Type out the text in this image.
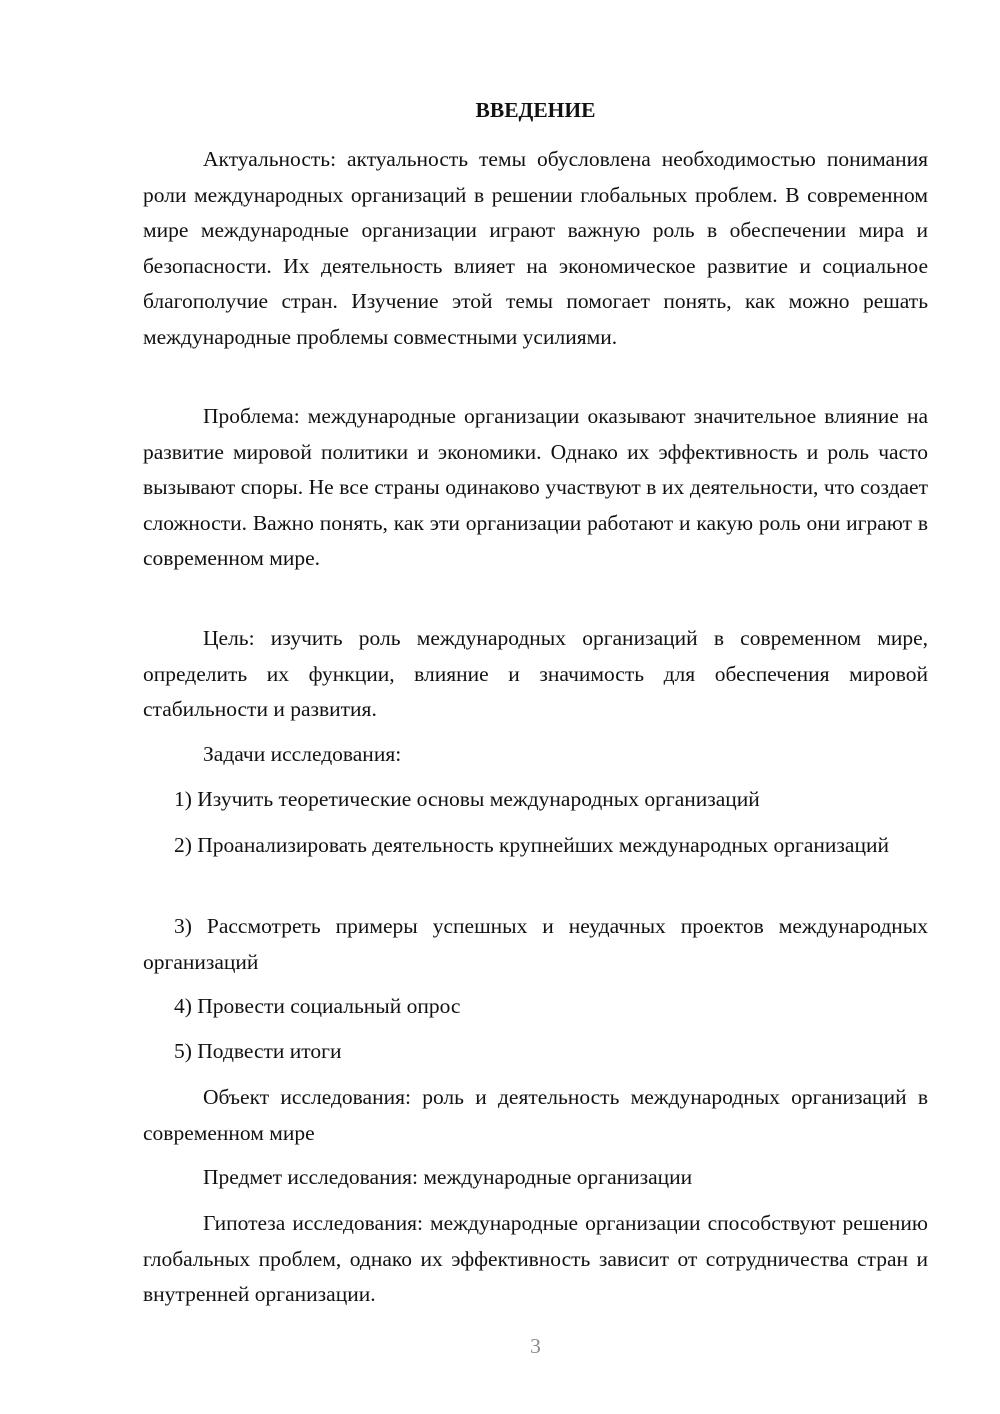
ВВЕДЕНИЕ

Актуальность: актуальность темы обусловлена необходимостью понимания роли международных организаций в решении глобальных проблем. В современном мире международные организации играют важную роль в обеспечении мира и безопасности. Их деятельность влияет на экономическое развитие и социальное благополучие стран. Изучение этой темы помогает понять, как можно решать международные проблемы совместными усилиями.

Проблема: международные организации оказывают значительное влияние на развитие мировой политики и экономики. Однако их эффективность и роль часто вызывают споры. Не все страны одинаково участвуют в их деятельности, что создает сложности. Важно понять, как эти организации работают и какую роль они играют в современном мире.

Цель: изучить роль международных организаций в современном мире, определить их функции, влияние и значимость для обеспечения мировой стабильности и развития.

Задачи исследования:

1) Изучить теоретические основы международных организаций

2) Проанализировать деятельность крупнейших международных организаций

3) Рассмотреть примеры успешных и неудачных проектов международных организаций

4) Провести социальный опрос

5) Подвести итоги

Объект исследования: роль и деятельность международных организаций в современном мире

Предмет исследования: международные организации

Гипотеза исследования: международные организации способствуют решению глобальных проблем, однако их эффективность зависит от сотрудничества стран и внутренней организации.

3
